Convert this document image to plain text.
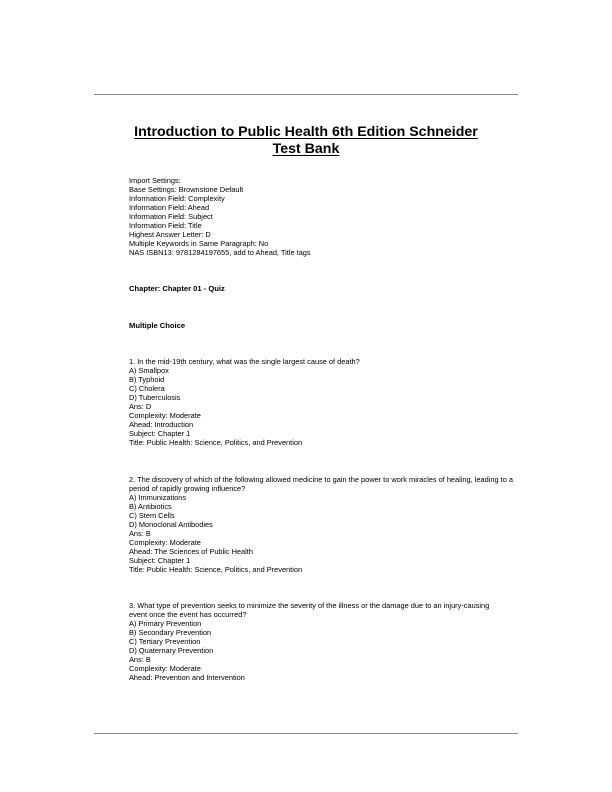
Introduction to Public Health 6th Edition Schneider
Test Bank
Import Settings:
Base Settings: Brownstone Default
Information Field: Complexity
Information Field: Ahead
Information Field: Subject
Information Field: Title
Highest Answer Letter: D
Multiple Keywords in Same Paragraph: No
NAS ISBN13: 9781284197655, add to Ahead, Title tags
Chapter: Chapter 01 - Quiz
Multiple Choice
1. In the mid-19th century, what was the single largest cause of death?
A) Smallpox
B) Typhoid
C) Cholera
D) Tuberculosis
Ans: D
Complexity: Moderate
Ahead: Introduction
Subject: Chapter 1
Title: Public Health: Science, Politics, and Prevention
2. The discovery of which of the following allowed medicine to gain the power to work miracles of healing, leading to a period of rapidly growing influence?
A) Immunizations
B) Antibiotics
C) Stem Cells
D) Monoclonal Antibodies
Ans: B
Complexity: Moderate
Ahead: The Sciences of Public Health
Subject: Chapter 1
Title: Public Health: Science, Politics, and Prevention
3. What type of prevention seeks to minimize the severity of the illness or the damage due to an injury-causing event once the event has occurred?
A) Primary Prevention
B) Secondary Prevention
C) Tertiary Prevention
D) Quaternary Prevention
Ans: B
Complexity: Moderate
Ahead: Prevention and Intervention
